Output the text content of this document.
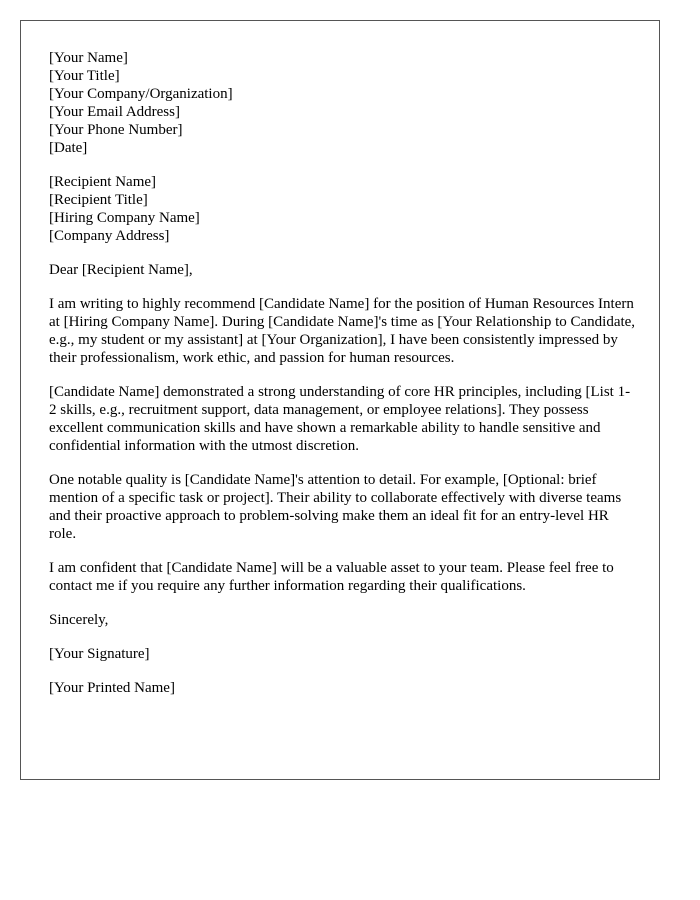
[Your Name]
[Your Title]
[Your Company/Organization]
[Your Email Address]
[Your Phone Number]
[Date]
[Recipient Name]
[Recipient Title]
[Hiring Company Name]
[Company Address]

Dear [Recipient Name],

I am writing to highly recommend [Candidate Name] for the position of Human Resources Intern at [Hiring Company Name]. During [Candidate Name]'s time as [Your Relationship to Candidate, e.g., my student or my assistant] at [Your Organization], I have been consistently impressed by their professionalism, work ethic, and passion for human resources.

[Candidate Name] demonstrated a strong understanding of core HR principles, including [List 1-2 skills, e.g., recruitment support, data management, or employee relations]. They possess excellent communication skills and have shown a remarkable ability to handle sensitive and confidential information with the utmost discretion.

One notable quality is [Candidate Name]'s attention to detail. For example, [Optional: brief mention of a specific task or project]. Their ability to collaborate effectively with diverse teams and their proactive approach to problem-solving make them an ideal fit for an entry-level HR role.

I am confident that [Candidate Name] will be a valuable asset to your team. Please feel free to contact me if you require any further information regarding their qualifications.

Sincerely,

[Your Signature]

[Your Printed Name]
